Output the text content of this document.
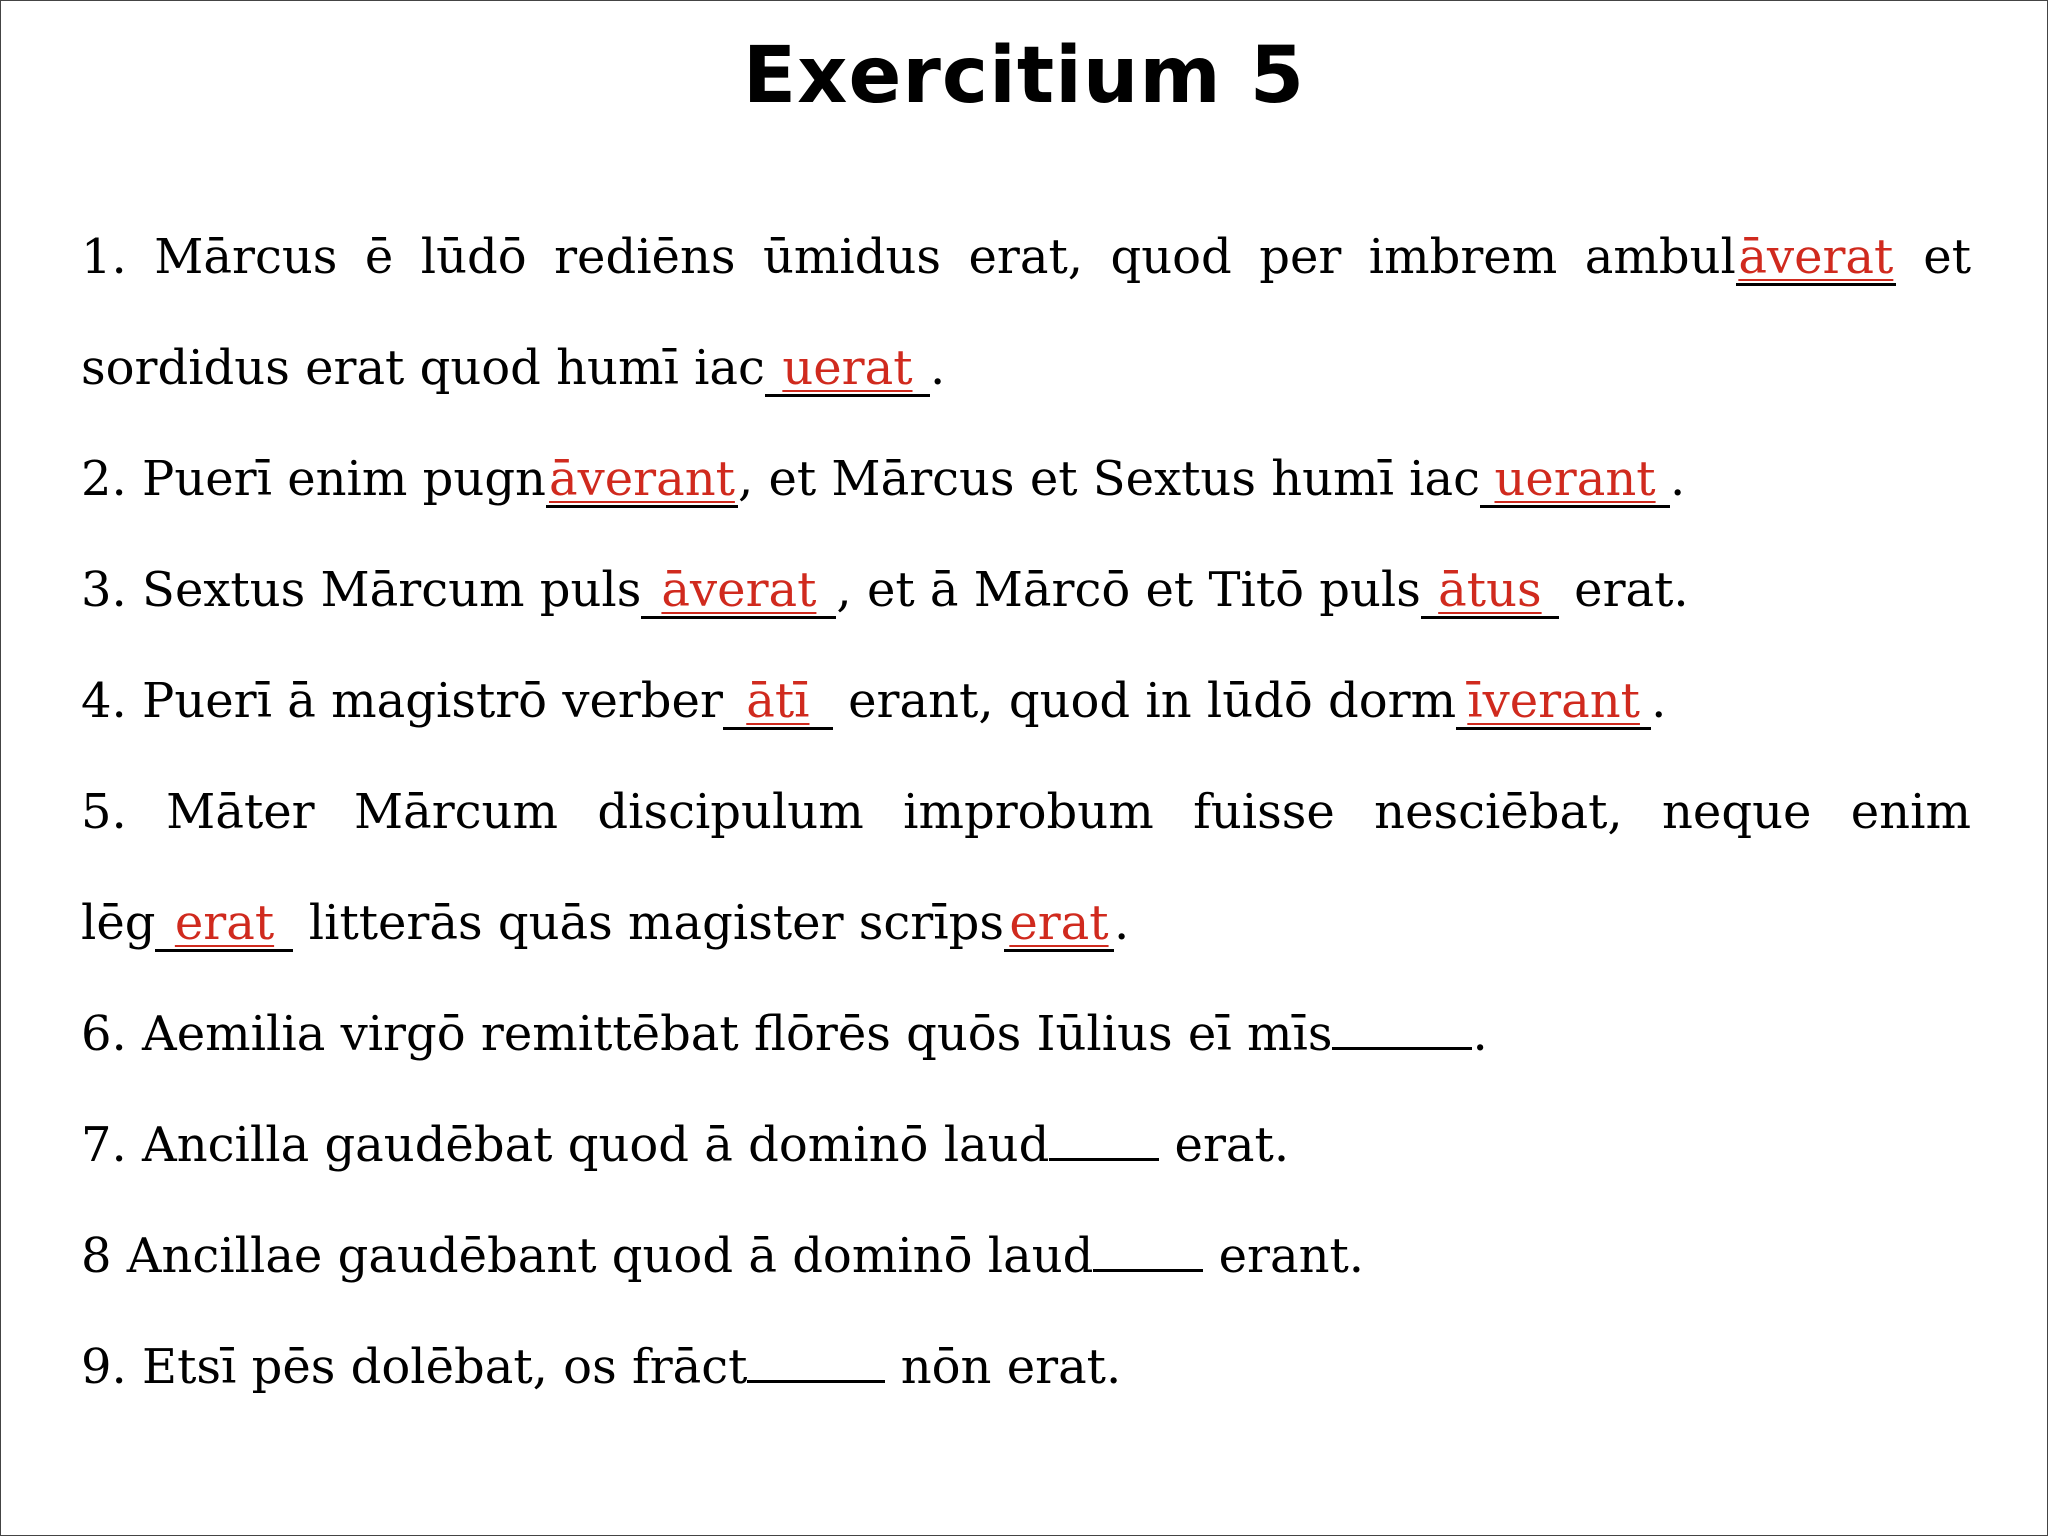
Exercitium 5
1. Mārcus ē lūdō rediēns ūmidus erat, quod per imbrem ambulāverat et
sordidus erat quod humī iac uerat .
2. Puerī enim pugnāverant, et Mārcus et Sextus humī iac uerant .
3. Sextus Mārcum puls āverat , et ā Mārcō et Titō puls ātus erat.
4. Puerī ā magistrō verber ātī erant, quod in lūdō dorm īverant .
5. Māter Mārcum discipulum improbum fuisse nesciēbat, neque enim
lēg erat litterās quās magister scrīps erat .
6. Aemilia virgō remittēbat flōrēs quōs Iūlius eī mīs	.
7. Ancilla gaudēbat quod ā dominō laud erat.
8 Ancillae gaudēbant quod ā dominō laud erant.
9. Etsī pēs dolēbat, os frāct	nōn erat.
